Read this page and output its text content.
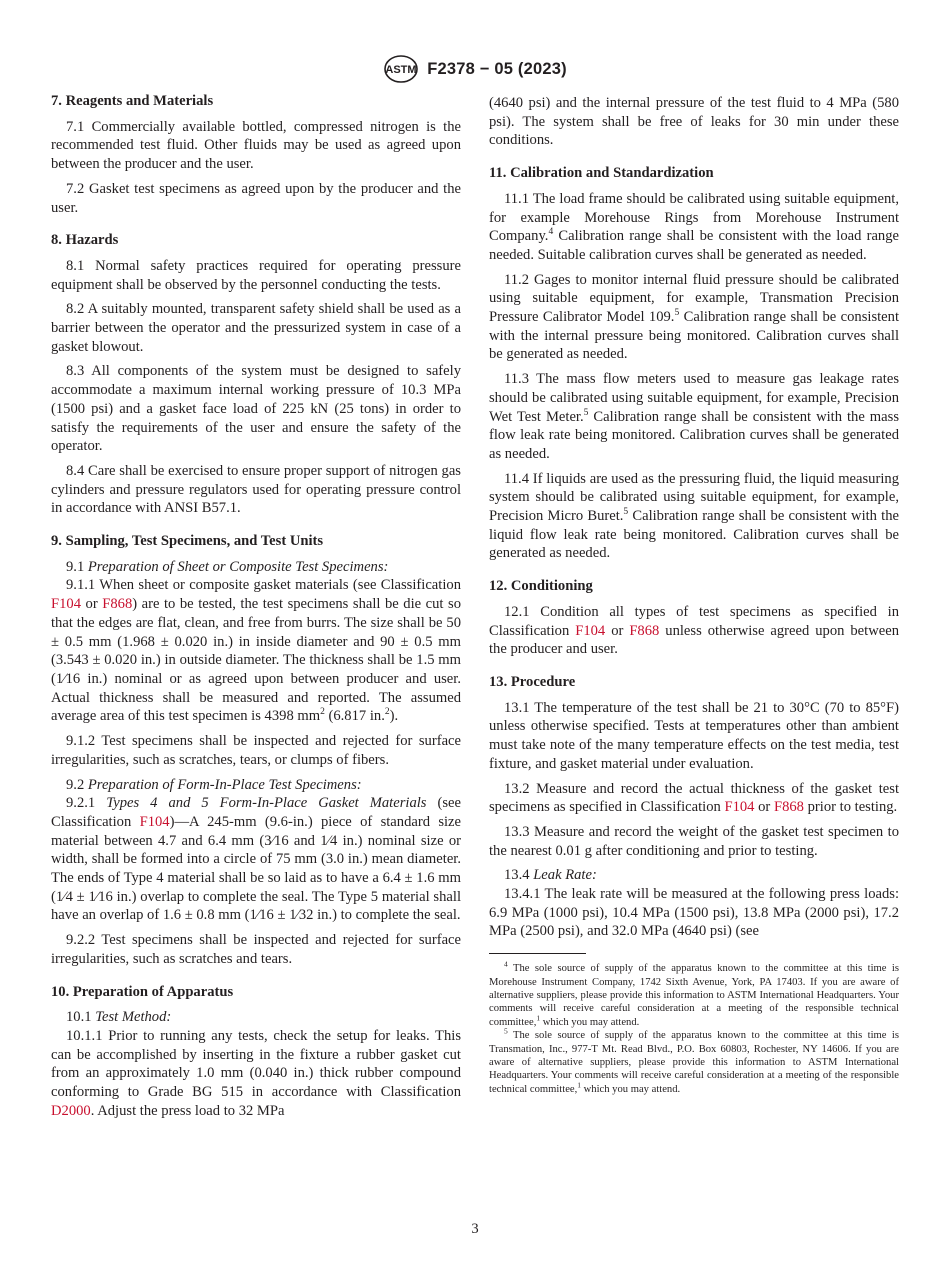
ASTM F2378 − 05 (2023)
7. Reagents and Materials

7.1 Commercially available bottled, compressed nitrogen is the recommended test fluid. Other fluids may be used as agreed upon between the producer and the user.

7.2 Gasket test specimens as agreed upon by the producer and the user.

8. Hazards

8.1 Normal safety practices required for operating pressure equipment shall be observed by the personnel conducting the tests.

8.2 A suitably mounted, transparent safety shield shall be used as a barrier between the operator and the pressurized system in case of a gasket blowout.

8.3 All components of the system must be designed to safely accommodate a maximum internal working pressure of 10.3 MPa (1500 psi) and a gasket face load of 225 kN (25 tons) in order to satisfy the requirements of the user and ensure the safety of the operator.

8.4 Care shall be exercised to ensure proper support of nitrogen gas cylinders and pressure regulators used for operating pressure control in accordance with ANSI B57.1.

9. Sampling, Test Specimens, and Test Units

9.1 Preparation of Sheet or Composite Test Specimens:

9.1.1 When sheet or composite gasket materials (see Classification F104 or F868) are to be tested, the test specimens shall be die cut so that the edges are flat, clean, and free from burrs. The size shall be 50 ± 0.5 mm (1.968 ± 0.020 in.) in inside diameter and 90 ± 0.5 mm (3.543 ± 0.020 in.) in outside diameter. The thickness shall be 1.5 mm (1⁄16 in.) nominal or as agreed upon between producer and user. Actual thickness shall be measured and reported. The assumed average area of this test specimen is 4398 $mm^2$ (6.817 in.$^2$).

9.1.2 Test specimens shall be inspected and rejected for surface irregularities, such as scratches, tears, or clumps of fibers.

9.2 Preparation of Form-In-Place Test Specimens:

9.2.1 Types 4 and 5 Form-In-Place Gasket Materials (see Classification F104)—A 245-mm (9.6-in.) piece of standard size material between 4.7 and 6.4 mm (3⁄16 and 1⁄4 in.) nominal size or width, shall be formed into a circle of 75 mm (3.0 in.) mean diameter. The ends of Type 4 material shall be so laid as to have a 6.4 ± 1.6 mm (1⁄4 ± 1⁄16 in.) overlap to complete the seal. The Type 5 material shall have an overlap of 1.6 ± 0.8 mm (1⁄16 ± 1⁄32 in.) to complete the seal.

9.2.2 Test specimens shall be inspected and rejected for surface irregularities, such as scratches and tears.

10. Preparation of Apparatus

10.1 Test Method:

10.1.1 Prior to running any tests, check the setup for leaks. This can be accomplished by inserting in the fixture a rubber gasket cut from an approximately 1.0 mm (0.040 in.) thick rubber compound conforming to Grade BG 515 in accordance with Classification D2000. Adjust the press load to 32 MPa

(4640 psi) and the internal pressure of the test fluid to 4 MPa (580 psi). The system shall be free of leaks for 30 min under these conditions.

11. Calibration and Standardization

11.1 The load frame should be calibrated using suitable equipment, for example Morehouse Rings from Morehouse Instrument Company.$^4$ Calibration range shall be consistent with the load range needed. Suitable calibration curves shall be generated as needed.

11.2 Gages to monitor internal fluid pressure should be calibrated using suitable equipment, for example, Transmation Precision Pressure Calibrator Model 109.$^5$ Calibration range shall be consistent with the internal pressure being monitored. Calibration curves shall be generated as needed.

11.3 The mass flow meters used to measure gas leakage rates should be calibrated using suitable equipment, for example, Precision Wet Test Meter.$^5$ Calibration range shall be consistent with the mass flow leak rate being monitored. Calibration curves shall be generated as needed.

11.4 If liquids are used as the pressuring fluid, the liquid measuring system should be calibrated using suitable equipment, for example, Precision Micro Buret.$^5$ Calibration range shall be consistent with the liquid flow leak rate being monitored. Calibration curves shall be generated as needed.

12. Conditioning

12.1 Condition all types of test specimens as specified in Classification F104 or F868 unless otherwise agreed upon between the producer and user.

13. Procedure

13.1 The temperature of the test shall be 21 to 30°C (70 to 85°F) unless otherwise specified. Tests at temperatures other than ambient must take note of the many temperature effects on the test media, test fixture, and gasket material under evaluation.

13.2 Measure and record the actual thickness of the gasket test specimens as specified in Classification F104 or F868 prior to testing.

13.3 Measure and record the weight of the gasket test specimen to the nearest 0.01 g after conditioning and prior to testing.

13.4 Leak Rate:

13.4.1 The leak rate will be measured at the following press loads: 6.9 MPa (1000 psi), 10.4 MPa (1500 psi), 13.8 MPa (2000 psi), 17.2 MPa (2500 psi), and 32.0 MPa (4640 psi) (see

$^4$ The sole source of supply of the apparatus known to the committee at this time is Morehouse Instrument Company, 1742 Sixth Avenue, York, PA 17403. If you are aware of alternative suppliers, please provide this information to ASTM International Headquarters. Your comments will receive careful consideration at a meeting of the responsible technical committee,$^1$ which you may attend.

$^5$ The sole source of supply of the apparatus known to the committee at this time is Transmation, Inc., 977-T Mt. Read Blvd., P.O. Box 60803, Rochester, NY 14606. If you are aware of alternative suppliers, please provide this information to ASTM International Headquarters. Your comments will receive careful consideration at a meeting of the responsible technical committee,$^1$ which you may attend.

3
